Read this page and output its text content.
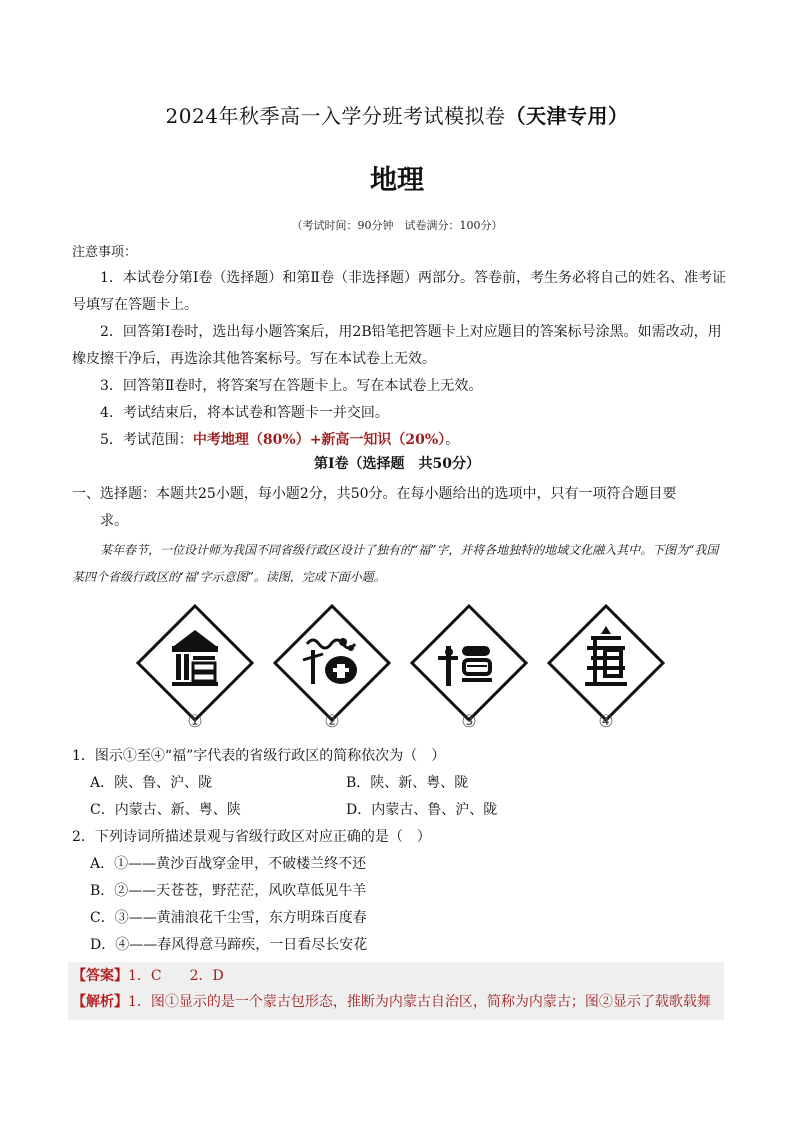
2024年秋季高一入学分班考试模拟卷（天津专用）
地理
（考试时间：90分钟　试卷满分：100分）
注意事项：
1．本试卷分第Ⅰ卷（选择题）和第Ⅱ卷（非选择题）两部分。答卷前，考生务必将自己的姓名、准考证号填写在答题卡上。
2．回答第Ⅰ卷时，选出每小题答案后，用2B铅笔把答题卡上对应题目的答案标号涂黑。如需改动，用橡皮擦干净后，再选涂其他答案标号。写在本试卷上无效。
3．回答第Ⅱ卷时，将答案写在答题卡上。写在本试卷上无效。
4．考试结束后，将本试卷和答题卡一并交回。
5．考试范围：中考地理（80%）+新高一知识（20%）。
第Ⅰ卷（选择题　共50分）
一、选择题：本题共25小题，每小题2分，共50分。在每小题给出的选项中，只有一项符合题目要
求。
某年春节，一位设计师为我国不同省级行政区设计了独有的“福”字，并将各地独特的地域文化融入其中。下图为“我国某四个省级行政区的‘福’字示意图”。读图，完成下面小题。
①	②	③	④
1．图示①至④“福”字代表的省级行政区的简称依次为（　）
A．陕、鲁、沪、陇	B．陕、新、粤、陇
C．内蒙古、新、粤、陕	D．内蒙古、鲁、沪、陇
2．下列诗词所描述景观与省级行政区对应正确的是（　）
A．①——黄沙百战穿金甲，不破楼兰终不还
B．②——天苍苍，野茫茫，风吹草低见牛羊
C．③——黄浦浪花千尘雪，东方明珠百度春
D．④——春风得意马蹄疾，一日看尽长安花
【答案】1．C　　2．D
【解析】1．图①显示的是一个蒙古包形态，推断为内蒙古自治区，简称为内蒙古；图②显示了载歌载舞
